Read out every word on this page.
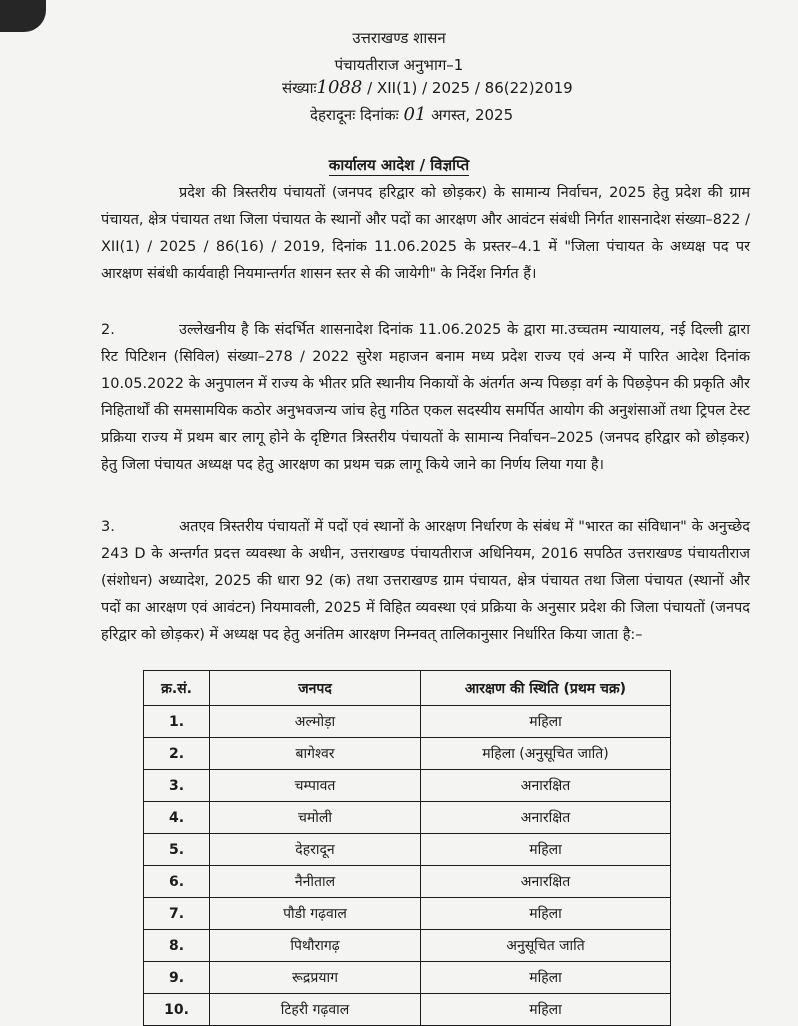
उत्तराखण्ड शासन
पंचायतीराज अनुभाग–1
संख्याः1088 / XII(1) / 2025 / 86(22)2019
देहरादूनः दिनांकः 01 अगस्त, 2025
कार्यालय आदेश / विज्ञप्ति

प्रदेश की त्रिस्तरीय पंचायतों (जनपद हरिद्वार को छोड़कर) के सामान्य निर्वाचन, 2025 हेतु प्रदेश की ग्राम पंचायत, क्षेत्र पंचायत तथा जिला पंचायत के स्थानों और पदों का आरक्षण और आवंटन संबंधी निर्गत शासनादेश संख्या–822 / XII(1) / 2025 / 86(16) / 2019, दिनांक 11.06.2025 के प्रस्तर–4.1 में "जिला पंचायत के अध्यक्ष पद पर आरक्षण संबंधी कार्यवाही नियमान्तर्गत शासन स्तर से की जायेगी" के निर्देश निर्गत हैं।

2.	उल्लेखनीय है कि संदर्भित शासनादेश दिनांक 11.06.2025 के द्वारा मा.उच्चतम न्यायालय, नई दिल्ली द्वारा रिट पिटिशन (सिविल) संख्या–278 / 2022 सुरेश महाजन बनाम मध्य प्रदेश राज्य एवं अन्य में पारित आदेश दिनांक 10.05.2022 के अनुपालन में राज्य के भीतर प्रति स्थानीय निकायों के अंतर्गत अन्य पिछड़ा वर्ग के पिछड़ेपन की प्रकृति और निहितार्थों की समसामयिक कठोर अनुभवजन्य जांच हेतु गठित एकल सदस्यीय समर्पित आयोग की अनुशंसाओं तथा ट्रिपल टेस्ट प्रक्रिया राज्य में प्रथम बार लागू होने के दृष्टिगत त्रिस्तरीय पंचायतों के सामान्य निर्वाचन–2025 (जनपद हरिद्वार को छोड़कर) हेतु जिला पंचायत अध्यक्ष पद हेतु आरक्षण का प्रथम चक्र लागू किये जाने का निर्णय लिया गया है।

3.	अतएव त्रिस्तरीय पंचायतों में पदों एवं स्थानों के आरक्षण निर्धारण के संबंध में "भारत का संविधान" के अनुच्छेद 243 D के अन्तर्गत प्रदत्त व्यवस्था के अधीन, उत्तराखण्ड पंचायतीराज अधिनियम, 2016 सपठित उत्तराखण्ड पंचायतीराज (संशोधन) अध्यादेश, 2025 की धारा 92 (क) तथा उत्तराखण्ड ग्राम पंचायत, क्षेत्र पंचायत तथा जिला पंचायत (स्थानों और पदों का आरक्षण एवं आवंटन) नियमावली, 2025 में विहित व्यवस्था एवं प्रक्रिया के अनुसार प्रदेश की जिला पंचायतों (जनपद हरिद्वार को छोड़कर) में अध्यक्ष पद हेतु अनंतिम आरक्षण निम्नवत् तालिकानुसार निर्धारित किया जाता है:–

क्र.सं.	जनपद	आरक्षण की स्थिति (प्रथम चक्र)
1.	अल्मोड़ा	महिला
2.	बागेश्वर	महिला (अनुसूचित जाति)
3.	चम्पावत	अनारक्षित
4.	चमोली	अनारक्षित
5.	देहरादून	महिला
6.	नैनीताल	अनारक्षित
7.	पौडी गढ़वाल	महिला
8.	पिथौरागढ़	अनुसूचित जाति
9.	रूद्रप्रयाग	महिला
10.	टिहरी गढ़वाल	महिला
